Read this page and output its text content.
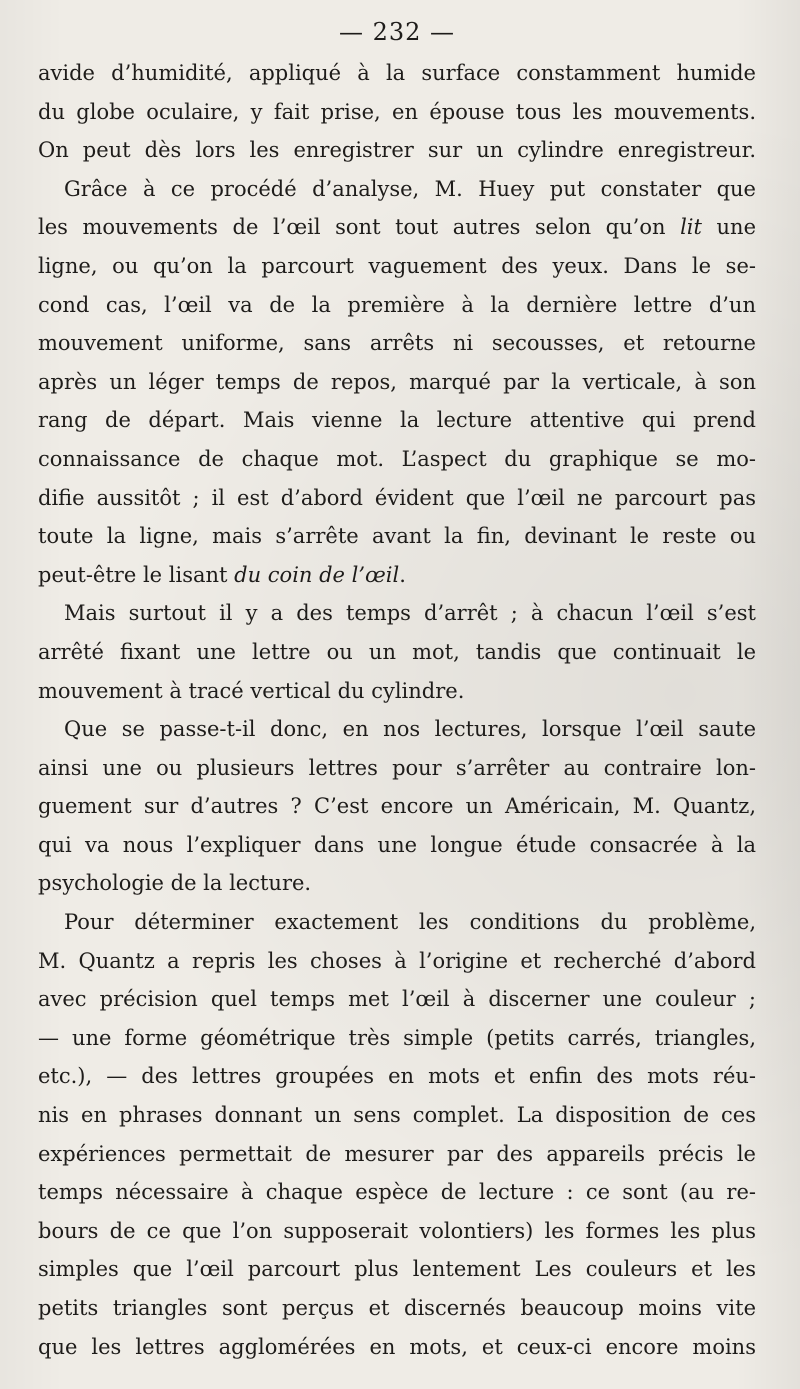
— 232 —

avide d’humidité, appliqué à la surface constamment humide
du globe oculaire, y fait prise, en épouse tous les mouvements.
On peut dès lors les enregistrer sur un cylindre enregistreur.

Grâce à ce procédé d’analyse, M. Huey put constater que
les mouvements de l’œil sont tout autres selon qu’on lit une
ligne, ou qu’on la parcourt vaguement des yeux. Dans le se-
cond cas, l’œil va de la première à la dernière lettre d’un
mouvement uniforme, sans arrêts ni secousses, et retourne
après un léger temps de repos, marqué par la verticale, à son
rang de départ. Mais vienne la lecture attentive qui prend
connaissance de chaque mot. L’aspect du graphique se mo-
difie aussitôt ; il est d’abord évident que l’œil ne parcourt pas
toute la ligne, mais s’arrête avant la fin, devinant le reste ou
peut-être le lisant du coin de l’œil.

Mais surtout il y a des temps d’arrêt ; à chacun l’œil s’est
arrêté fixant une lettre ou un mot, tandis que continuait le
mouvement à tracé vertical du cylindre.

Que se passe-t-il donc, en nos lectures, lorsque l’œil saute
ainsi une ou plusieurs lettres pour s’arrêter au contraire lon-
guement sur d’autres ? C’est encore un Américain, M. Quantz,
qui va nous l’expliquer dans une longue étude consacrée à la
psychologie de la lecture.

Pour déterminer exactement les conditions du problème,
M. Quantz a repris les choses à l’origine et recherché d’abord
avec précision quel temps met l’œil à discerner une couleur ;
— une forme géométrique très simple (petits carrés, triangles,
etc.), — des lettres groupées en mots et enfin des mots réu-
nis en phrases donnant un sens complet. La disposition de ces
expériences permettait de mesurer par des appareils précis le
temps nécessaire à chaque espèce de lecture : ce sont (au re-
bours de ce que l’on supposerait volontiers) les formes les plus
simples que l’œil parcourt plus lentement Les couleurs et les
petits triangles sont perçus et discernés beaucoup moins vite
que les lettres agglomérées en mots, et ceux-ci encore moins
